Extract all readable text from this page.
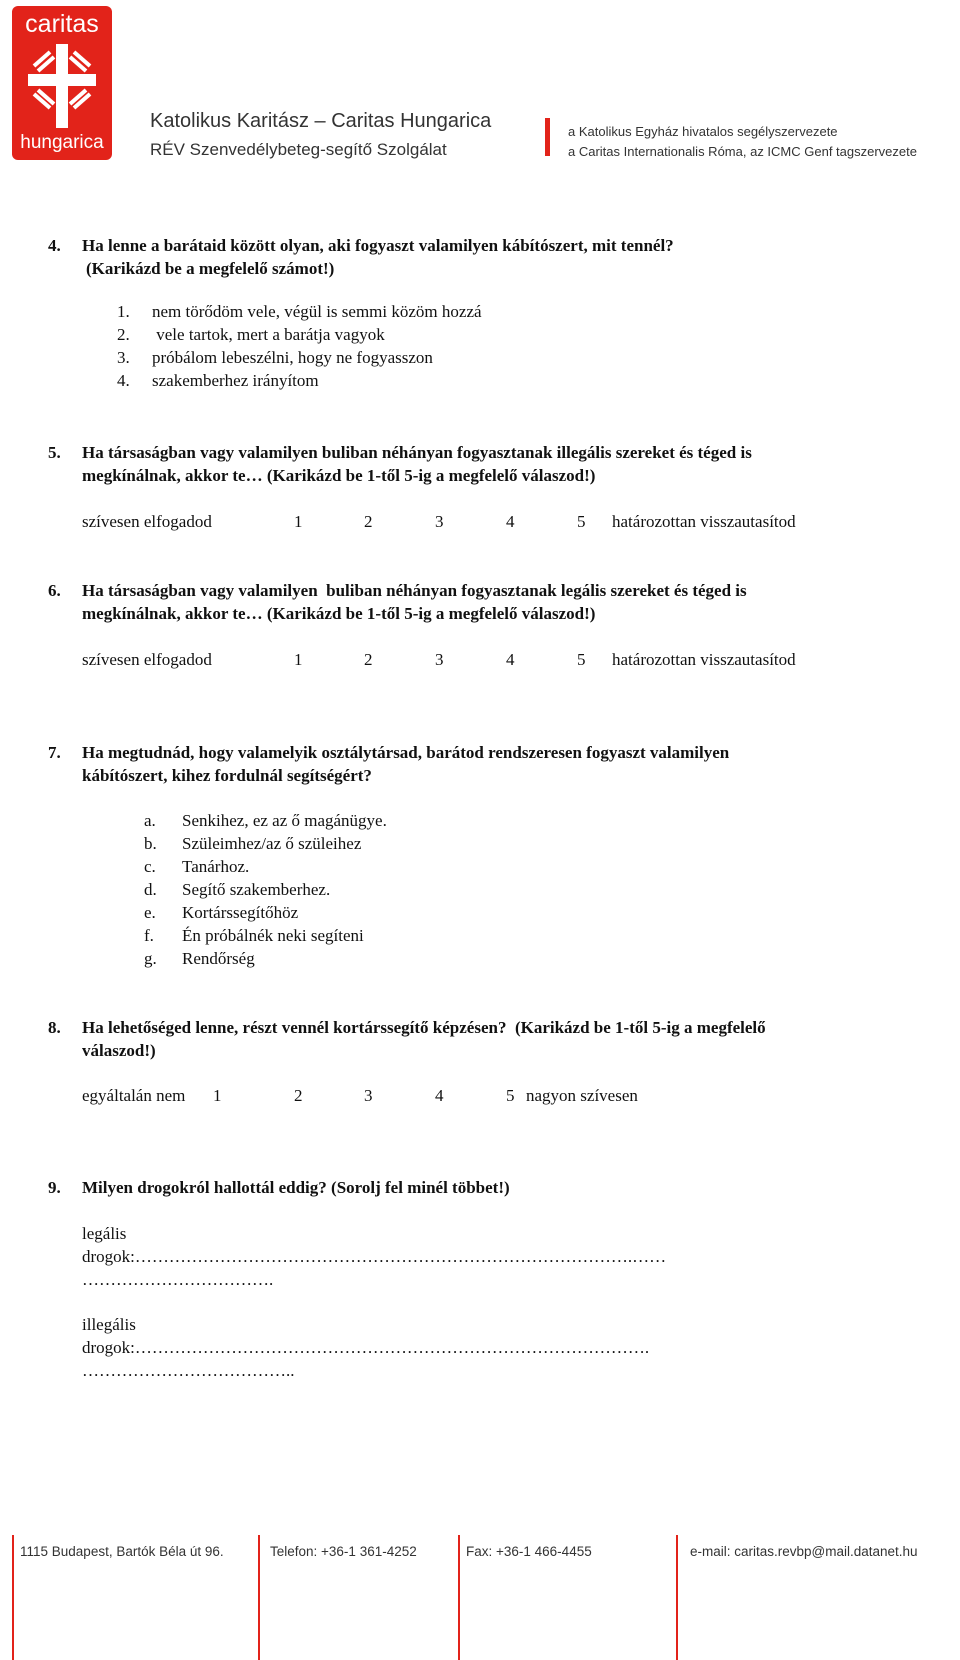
caritas
hungarica
Katolikus Karitász – Caritas Hungarica
RÉV Szenvedélybeteg-segítő Szolgálat
a Katolikus Egyház hivatalos segélyszervezete
a Caritas Internationalis Róma, az ICMC Genf tagszervezete
4. Ha lenne a barátaid között olyan, aki fogyaszt valamilyen kábítószert, mit tennél?
(Karikázd be a megfelelő számot!)
1. nem törődöm vele, végül is semmi közöm hozzá
2. vele tartok, mert a barátja vagyok
3. próbálom lebeszélni, hogy ne fogyasszon
4. szakemberhez irányítom
5. Ha társaságban vagy valamilyen buliban néhányan fogyasztanak illegális szereket és téged is
megkínálnak, akkor te… (Karikázd be 1-től 5-ig a megfelelő válaszod!)
szívesen elfogadod	1	2	3	4	5 határozottan visszautasítod
6. Ha társaságban vagy valamilyen  buliban néhányan fogyasztanak legális szereket és téged is
megkínálnak, akkor te… (Karikázd be 1-től 5-ig a megfelelő válaszod!)
szívesen elfogadod	1	2	3	4	5 határozottan visszautasítod
7. Ha megtudnád, hogy valamelyik osztálytársad, barátod rendszeresen fogyaszt valamilyen
kábítószert, kihez fordulnál segítségért?
a. Senkihez, ez az ő magánügye.
b. Szüleimhez/az ő szüleihez
c. Tanárhoz.
d. Segítő szakemberhez.
e. Kortárssegítőhöz
f. Én próbálnék neki segíteni
g. Rendőrség
8. Ha lehetőséged lenne, részt vennél kortárssegítő képzésen?  (Karikázd be 1-től 5-ig a megfelelő
válaszod!)
egyáltalán nem 1	2	3	4	5 nagyon szívesen
9. Milyen drogokról hallottál eddig? (Sorolj fel minél többet!)
legális
drogok:…………………………………………………………………………….……
…………………………….
illegális
drogok:……………………………………………………………………………….
………………………………..
1115 Budapest, Bartók Béla út 96.	Telefon: +36-1 361-4252	Fax: +36-1 466-4455	e-mail: caritas.revbp@mail.datanet.hu
